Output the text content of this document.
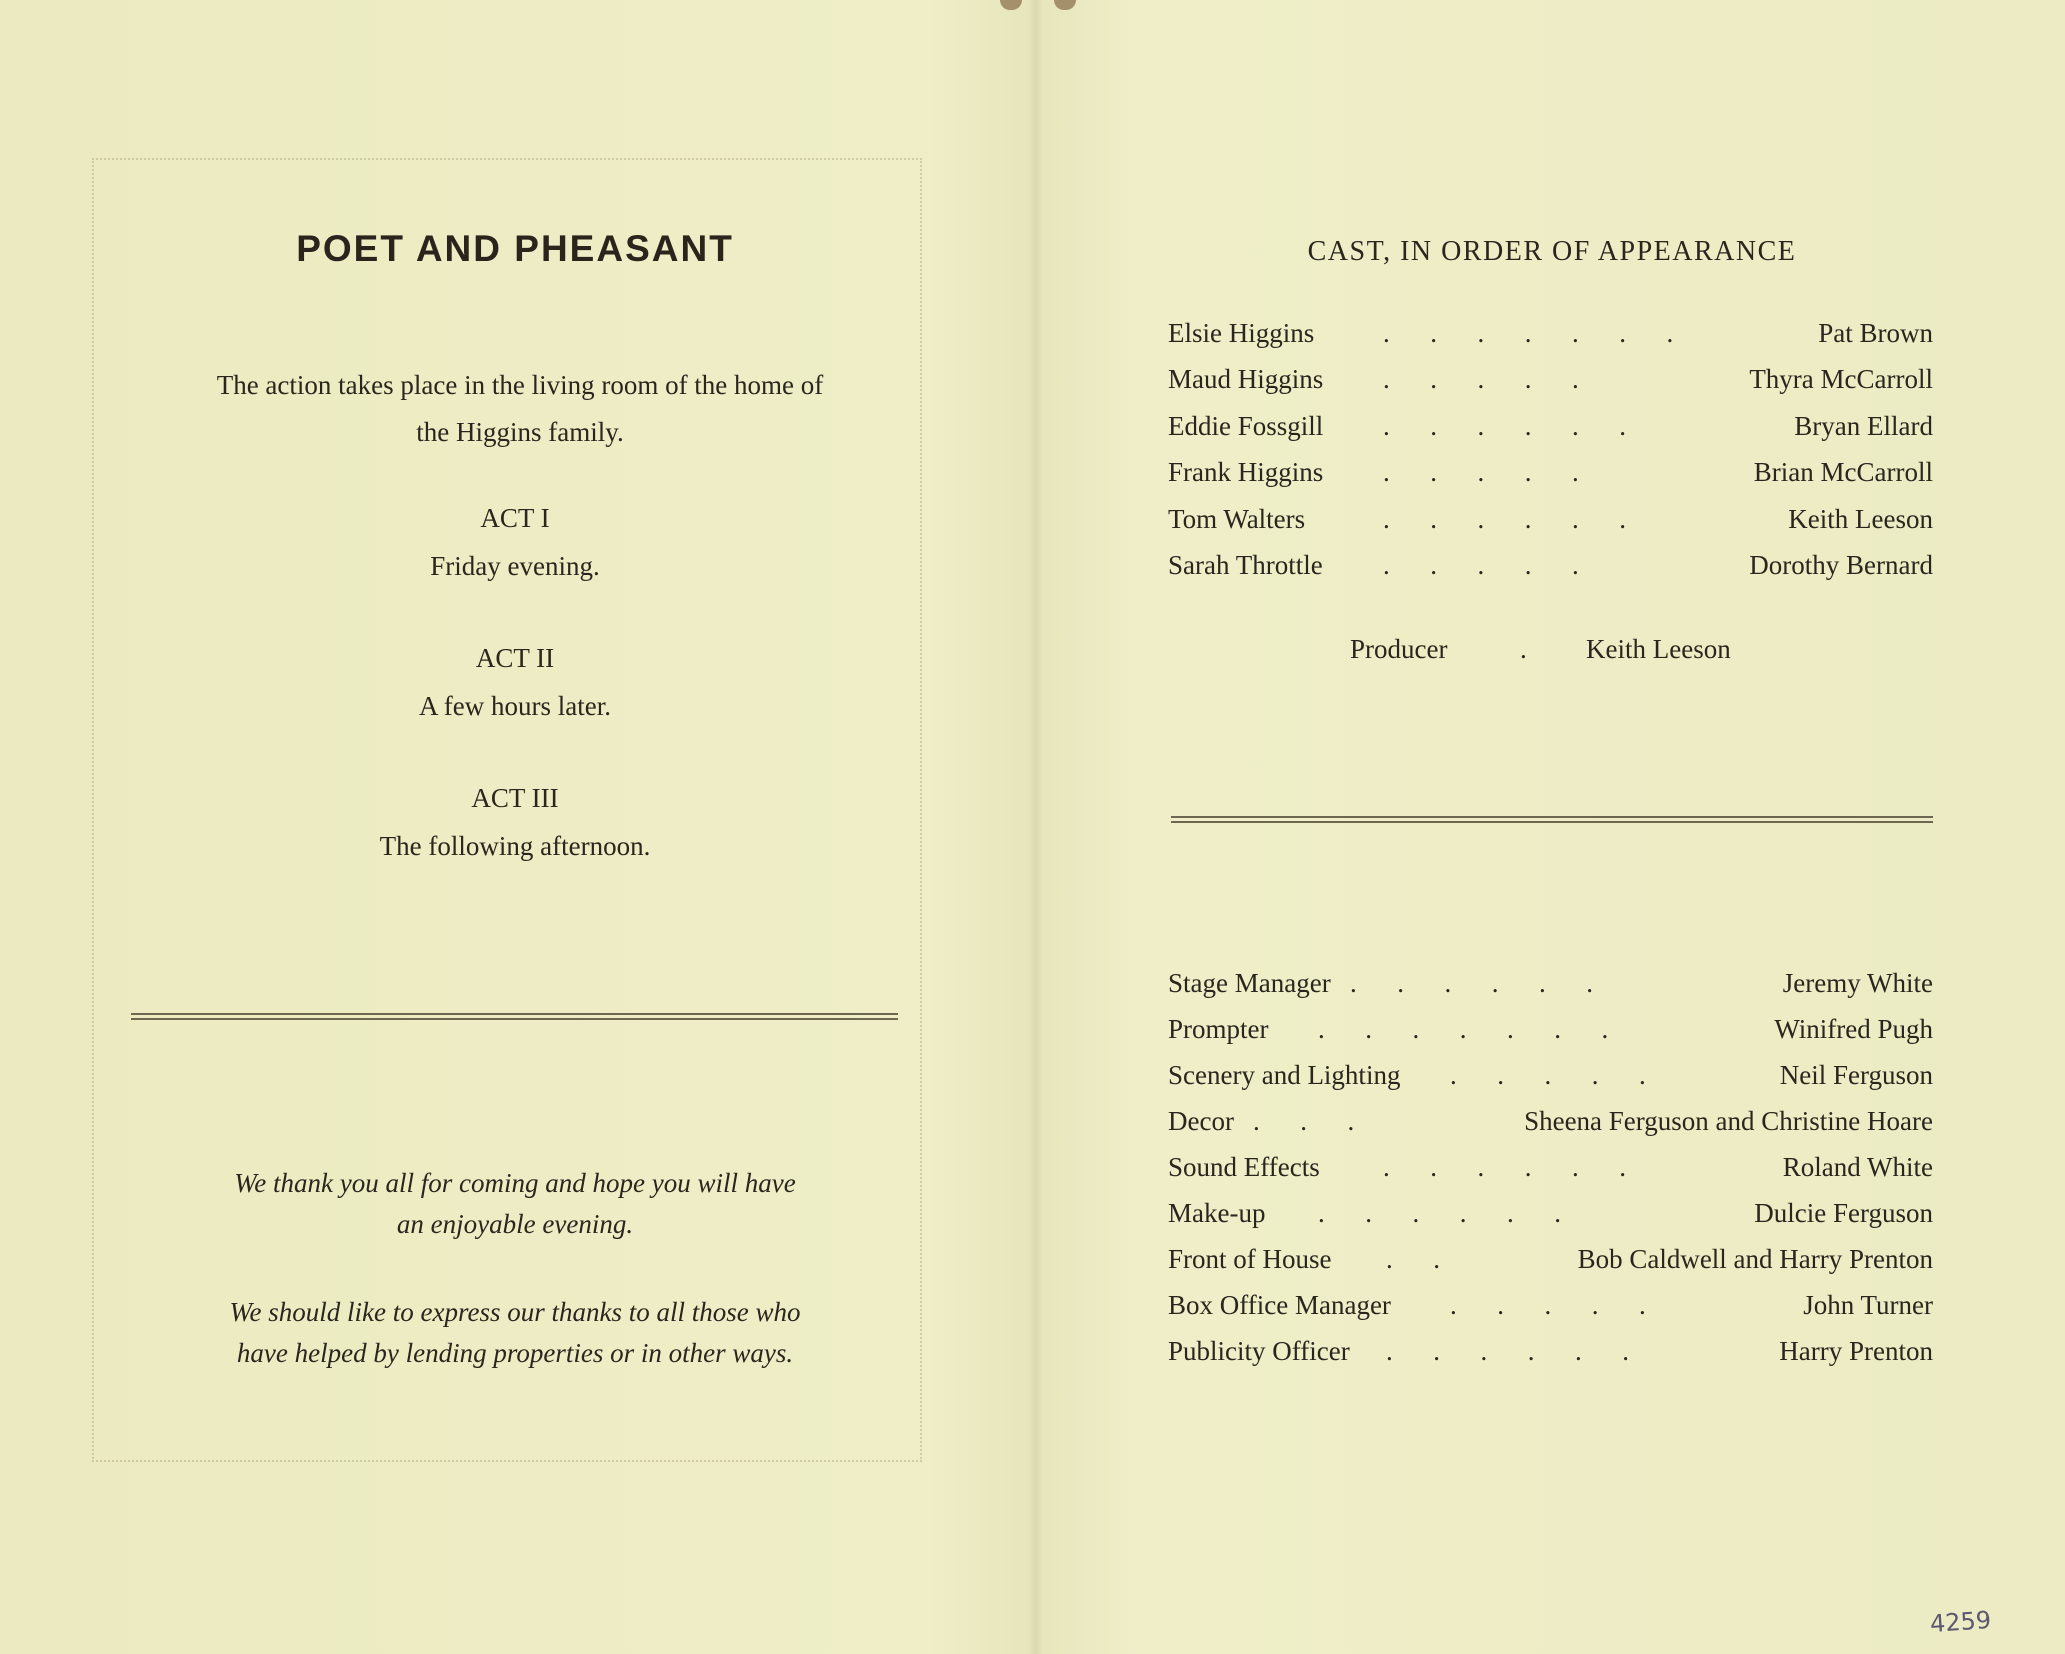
POET AND PHEASANT
The action takes place in the living room of the home of
the Higgins family.
ACT I
Friday evening.
ACT II
A few hours later.
ACT III
The following afternoon.
We thank you all for coming and hope you will have
an enjoyable evening.
We should like to express our thanks to all those who
have helped by lending properties or in other ways.
CAST, IN ORDER OF APPEARANCE
Elsie Higgins	.      .      .      .      .      .      .	Pat Brown
Maud Higgins .      .      .      .      .	Thyra McCarroll
Eddie Fossgill .      .      .      .      .      .	Bryan Ellard
Frank Higgins .      .      .      .      .	Brian McCarroll
Tom Walters	.      .      .      .      .      .	Keith Leeson
Sarah Throttle .      .      .      .      .	Dorothy Bernard
Producer	. Keith Leeson
Stage Manager .      .      .      .      .      .	Jeremy White
Prompter .      .      .      .      .      .      .	Winifred Pugh
Scenery and Lighting .      .      .      .      .	Neil Ferguson
Decor .      .      .	Sheena Ferguson and Christine Hoare
Sound Effects .      .      .      .      .      .	Roland White
Make-up .      .      .      .      .      .	Dulcie Ferguson
Front of House .      .	Bob Caldwell and Harry Prenton
Box Office Manager .      .      .      .      .	John Turner
Publicity Officer .      .      .      .      .      .	Harry Prenton
4259
